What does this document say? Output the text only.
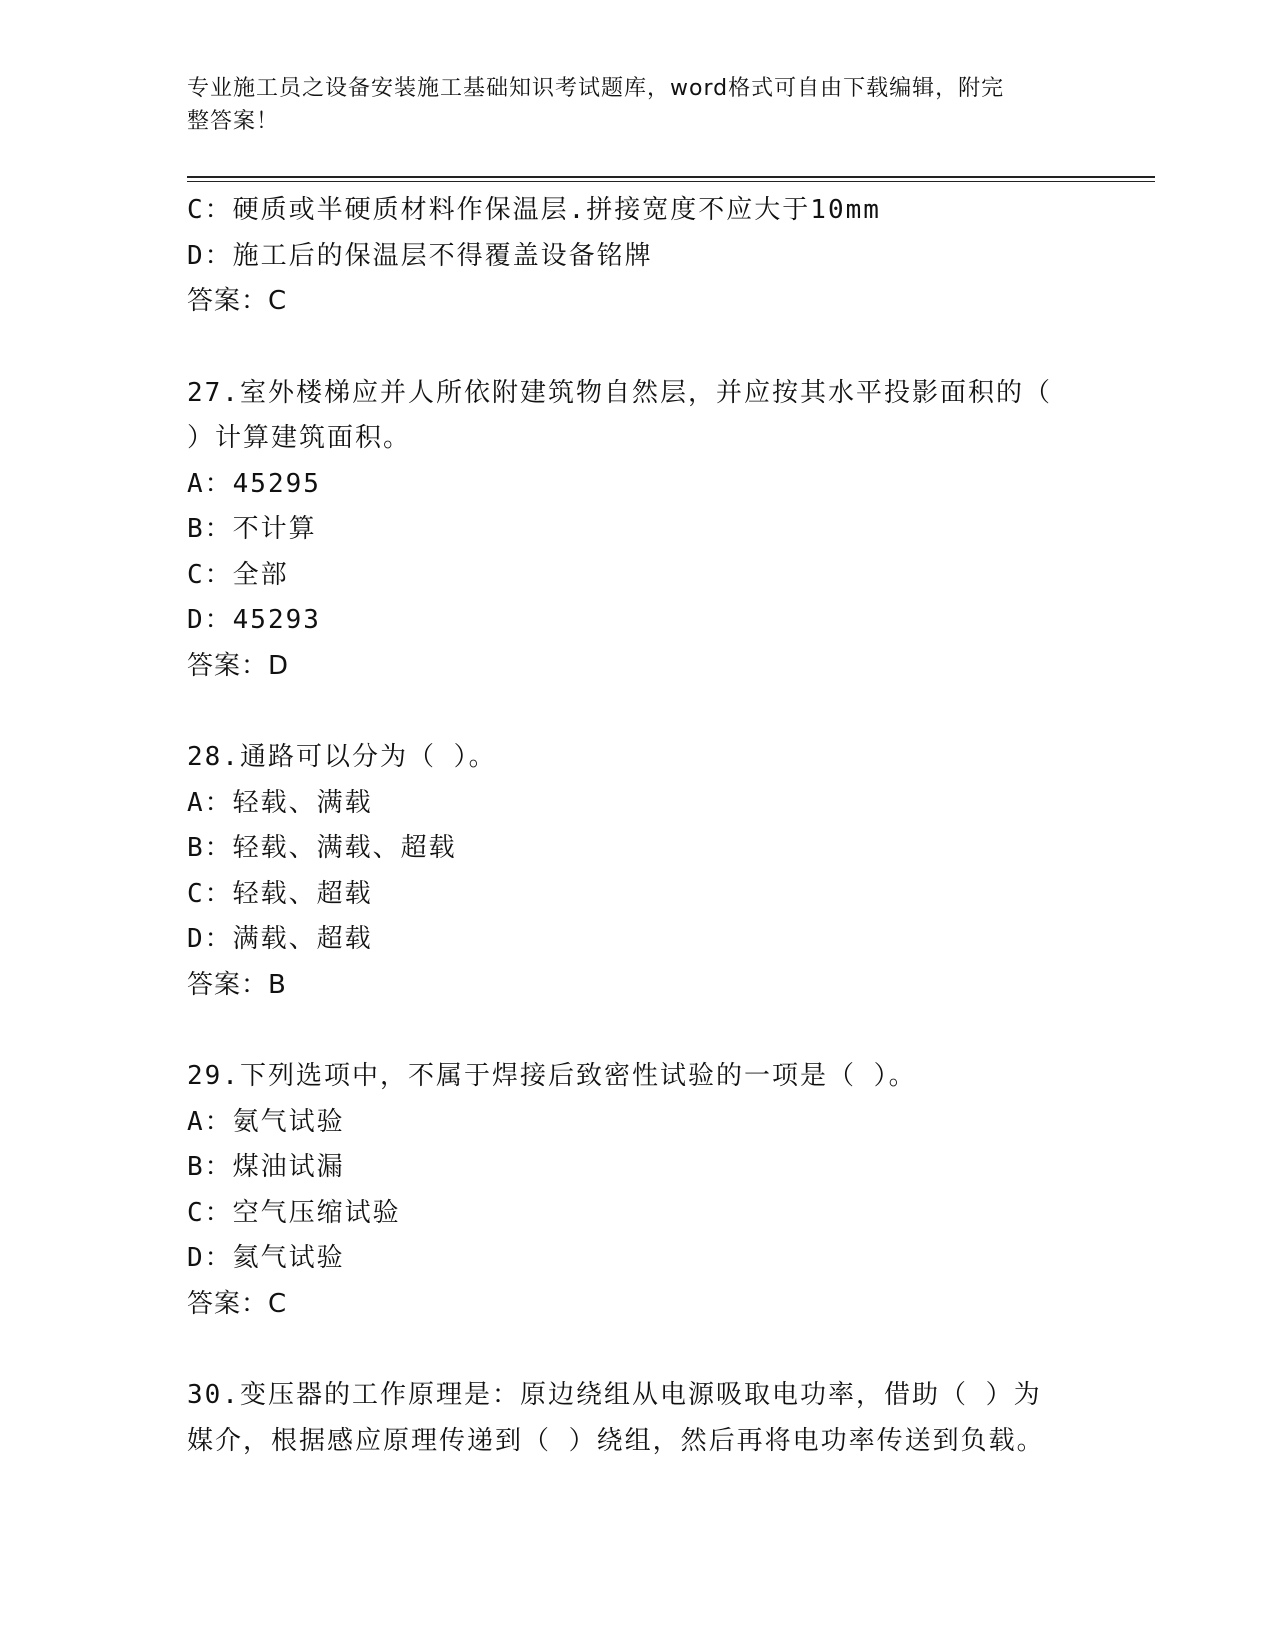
专业施工员之设备安装施工基础知识考试题库，word格式可自由下载编辑，附完
整答案！
C：硬质或半硬质材料作保温层.拼接宽度不应大于10mm
D：施工后的保温层不得覆盖设备铭牌
答案：C
27.室外楼梯应并人所依附建筑物自然层，并应按其水平投影面积的（
）计算建筑面积。
A：45295
B：不计算
C：全部
D：45293
答案：D
28.通路可以分为（ ）。
A：轻载、满载
B：轻载、满载、超载
C：轻载、超载
D：满载、超载
答案：B
29.下列选项中，不属于焊接后致密性试验的一项是（ ）。
A：氨气试验
B：煤油试漏
C：空气压缩试验
D：氦气试验
答案：C
30.变压器的工作原理是：原边绕组从电源吸取电功率，借助（ ）为
媒介，根据感应原理传递到（ ）绕组，然后再将电功率传送到负载。
